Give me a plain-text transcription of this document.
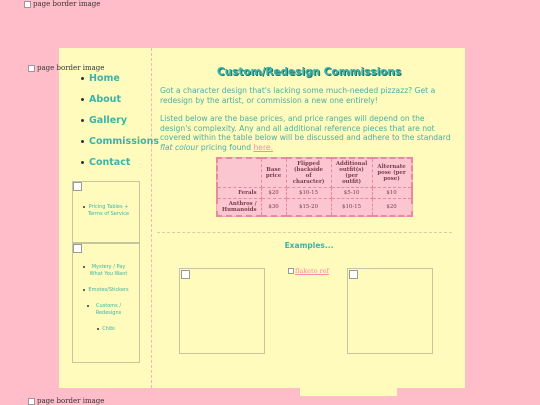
page border image
Home
About
Gallery
Commissions
Contact
Pricing Tables + Terms of Service
Mystery / Pay What You Want
Emotes/Stickers
Customs / Redesigns
Chibi
Custom/Redesign Commissions

Got a character design that's lacking some much-needed pizzazz? Get a redesign by the artist, or commission a new one entirely!

Listed below are the base prices, and price ranges will depend on the design's complexity. Any and all additional reference pieces that are not covered within the table below will be discussed and adhere to the standard flat colour pricing found here.

	Base price	Flipped (backside of character)	Additional outfit(s) (per outfit)	Alternate pose (per pose)
Ferals	$20	$10-15	$5-10	$10
Anthros / Humanoids	$30	$15-20	$10-15	$20
Examples...
flaketo ref
page border image
page border image
